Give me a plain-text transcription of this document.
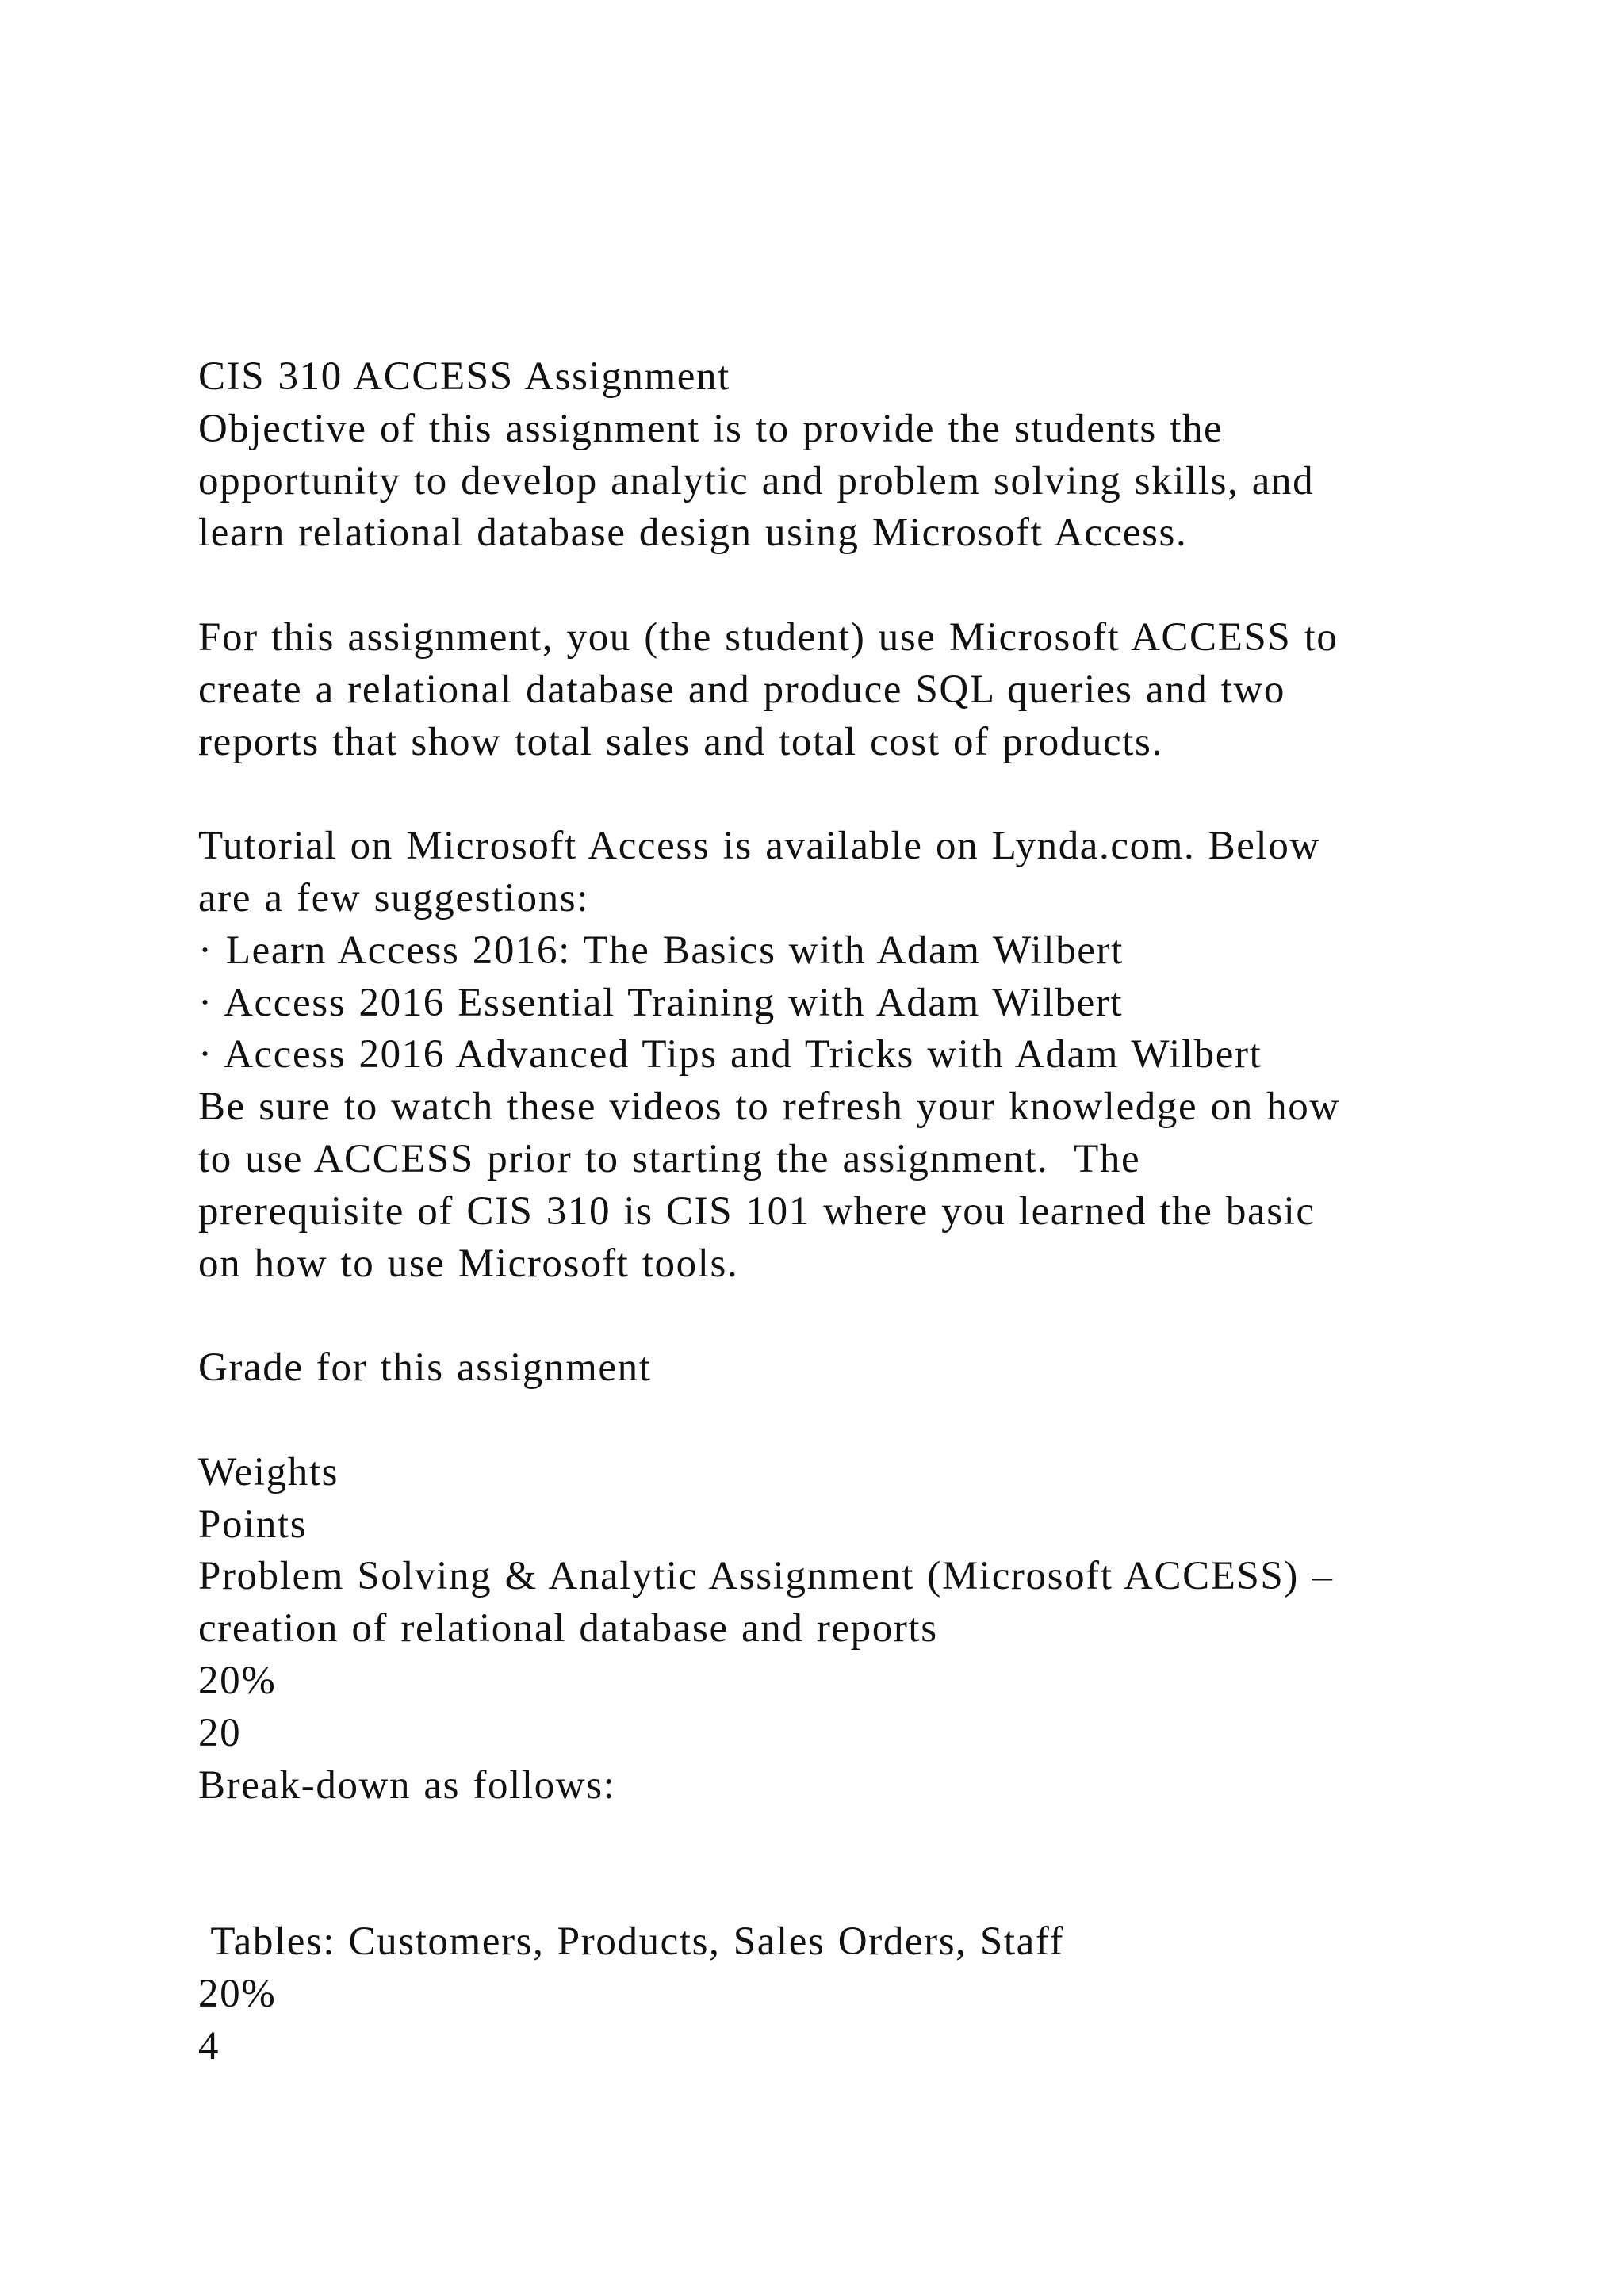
CIS 310 ACCESS Assignment
Objective of this assignment is to provide the students the
opportunity to develop analytic and problem solving skills, and
learn relational database design using Microsoft Access.
For this assignment, you (the student) use Microsoft ACCESS to
create a relational database and produce SQL queries and two
reports that show total sales and total cost of products.
Tutorial on Microsoft Access is available on Lynda.com. Below
are a few suggestions:
· Learn Access 2016: The Basics with Adam Wilbert
· Access 2016 Essential Training with Adam Wilbert
· Access 2016 Advanced Tips and Tricks with Adam Wilbert
Be sure to watch these videos to refresh your knowledge on how
to use ACCESS prior to starting the assignment.  The
prerequisite of CIS 310 is CIS 101 where you learned the basic
on how to use Microsoft tools.
Grade for this assignment
Weights
Points
Problem Solving & Analytic Assignment (Microsoft ACCESS) –
creation of relational database and reports
20%
20
Break-down as follows:
Tables: Customers, Products, Sales Orders, Staff
20%
4
